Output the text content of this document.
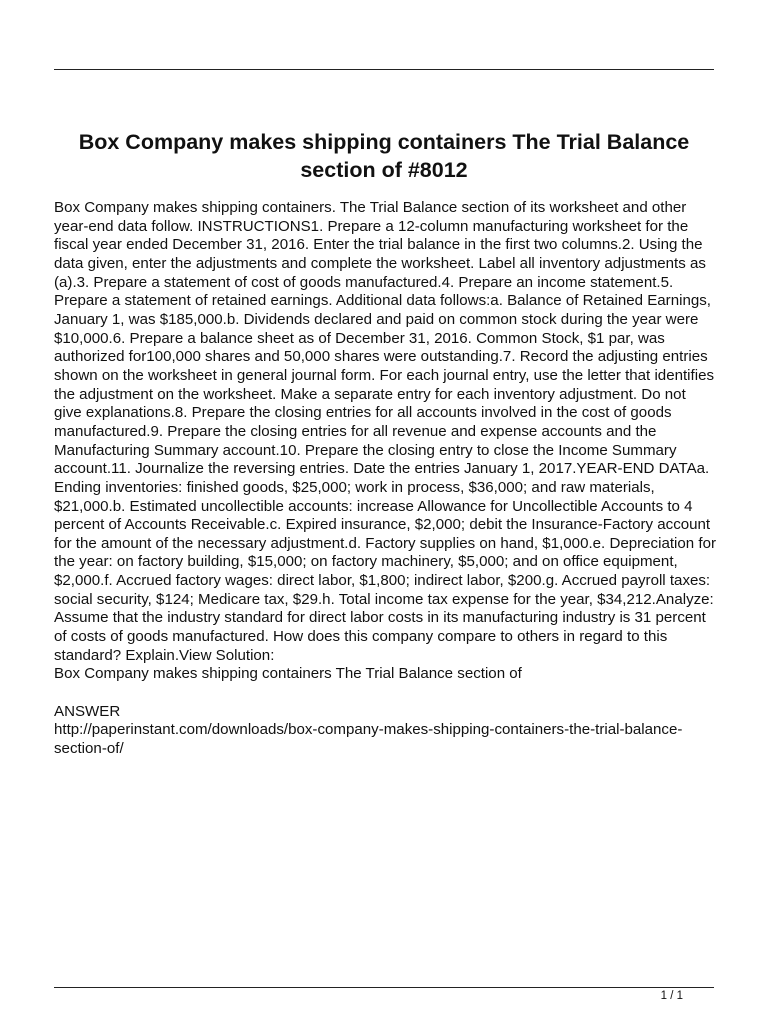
Box Company makes shipping containers The Trial Balance section of #8012

Box Company makes shipping containers. The Trial Balance section of its worksheet and other year-end data follow. INSTRUCTIONS1. Prepare a 12-column manufacturing worksheet for the fiscal year ended December 31, 2016. Enter the trial balance in the first two columns.2. Using the data given, enter the adjustments and complete the worksheet. Label all inventory adjustments as (a).3. Prepare a statement of cost of goods manufactured.4. Prepare an income statement.5. Prepare a statement of retained earnings. Additional data follows:a. Balance of Retained Earnings, January 1, was $185,000.b. Dividends declared and paid on common stock during the year were $10,000.6. Prepare a balance sheet as of December 31, 2016. Common Stock, $1 par, was authorized for100,000 shares and 50,000 shares were outstanding.7. Record the adjusting entries shown on the worksheet in general journal form. For each journal entry, use the letter that identifies the adjustment on the worksheet. Make a separate entry for each inventory adjustment. Do not give explanations.8. Prepare the closing entries for all accounts involved in the cost of goods manufactured.9. Prepare the closing entries for all revenue and expense accounts and the Manufacturing Summary account.10. Prepare the closing entry to close the Income Summary account.11. Journalize the reversing entries. Date the entries January 1, 2017.YEAR-END DATAa. Ending inventories: finished goods, $25,000; work in process, $36,000; and raw materials, $21,000.b. Estimated uncollectible accounts: increase Allowance for Uncollectible Accounts to 4 percent of Accounts Receivable.c. Expired insurance, $2,000; debit the Insurance-Factory account for the amount of the necessary adjustment.d. Factory supplies on hand, $1,000.e. Depreciation for the year: on factory building, $15,000; on factory machinery, $5,000; and on office equipment, $2,000.f. Accrued factory wages: direct labor, $1,800; indirect labor, $200.g. Accrued payroll taxes: social security, $124; Medicare tax, $29.h. Total income tax expense for the year, $34,212.Analyze: Assume that the industry standard for direct labor costs in its manufacturing industry is 31 percent of costs of goods manufactured. How does this company compare to others in regard to this standard? Explain.View Solution:

Box Company makes shipping containers The Trial Balance section of

ANSWER

http://paperinstant.com/downloads/box-company-makes-shipping-containers-the-trial-balance-section-of/

1 / 1
